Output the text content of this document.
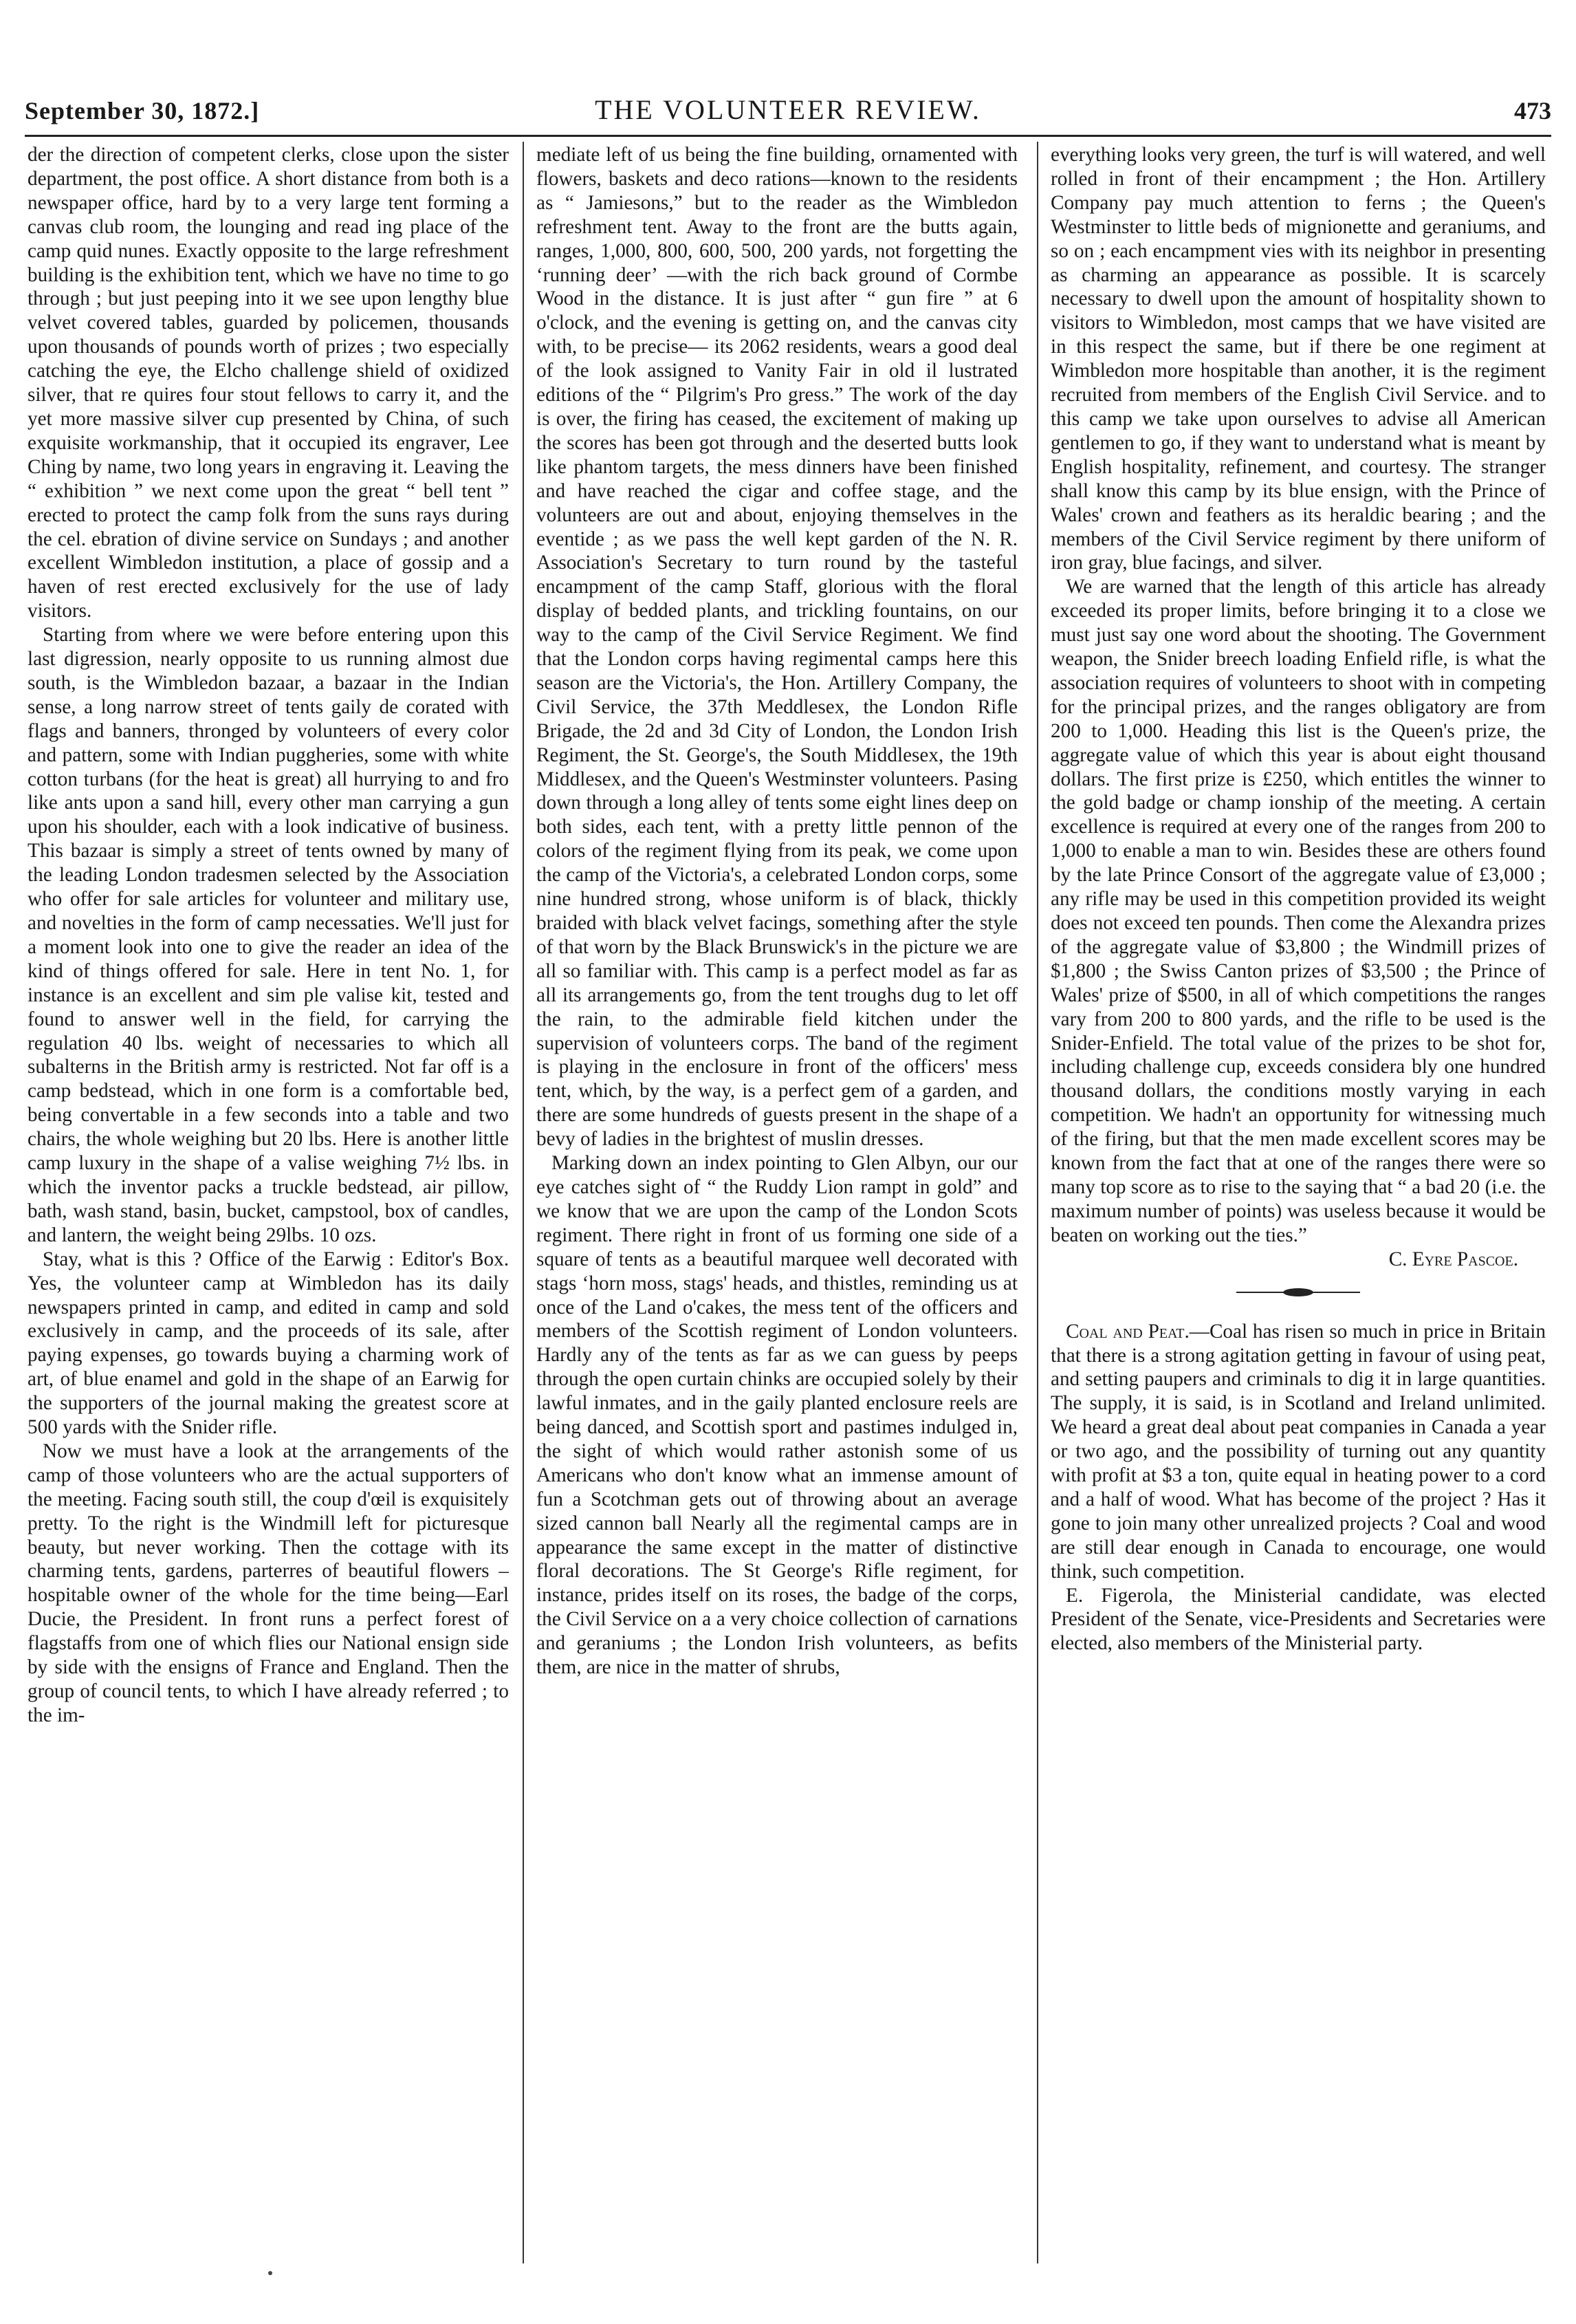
September 30, 1872.]	THE VOLUNTEER REVIEW.	473

der the direction of competent clerks, close upon the sister department, the post office. A short distance from both is a newspaper office, hard by to a very large tent forming a canvas club room, the lounging and read ing place of the camp quid nunes. Exactly opposite to the large refreshment building is the exhibition tent, which we have no time to go through ; but just peeping into it we see upon lengthy blue velvet covered tables, guarded by policemen, thousands upon thousands of pounds worth of prizes ; two especially catching the eye, the Elcho challenge shield of oxidized silver, that re quires four stout fellows to carry it, and the yet more massive silver cup presented by China, of such exquisite workmanship, that it occupied its engraver, Lee Ching by name, two long years in engraving it. Leaving the “ exhibition ” we next come upon the great “ bell tent ” erected to protect the camp folk from the suns rays during the cel. ebration of divine service on Sundays ; and another excellent Wimbledon institution, a place of gossip and a haven of rest erected exclusively for the use of lady visitors.

Starting from where we were before entering upon this last digression, nearly opposite to us running almost due south, is the Wimbledon bazaar, a bazaar in the Indian sense, a long narrow street of tents gaily de corated with flags and banners, thronged by volunteers of every color and pattern, some with Indian puggheries, some with white cotton turbans (for the heat is great) all hurrying to and fro like ants upon a sand hill, every other man carrying a gun upon his shoulder, each with a look indicative of business. This bazaar is simply a street of tents owned by many of the leading London tradesmen selected by the Association who offer for sale articles for volunteer and military use, and novelties in the form of camp necessaties. We'll just for a moment look into one to give the reader an idea of the kind of things offered for sale. Here in tent No. 1, for instance is an excellent and sim ple valise kit, tested and found to answer well in the field, for carrying the regulation 40 lbs. weight of necessaries to which all subalterns in the British army is restricted. Not far off is a camp bedstead, which in one form is a comfortable bed, being convertable in a few seconds into a table and two chairs, the whole weighing but 20 lbs. Here is another little camp luxury in the shape of a valise weighing 7½ lbs. in which the inventor packs a truckle bedstead, air pillow, bath, wash stand, basin, bucket, campstool, box of candles, and lantern, the weight being 29lbs. 10 ozs.

Stay, what is this ? Office of the Earwig : Editor's Box. Yes, the volunteer camp at Wimbledon has its daily newspapers printed in camp, and edited in camp and sold exclusively in camp, and the proceeds of its sale, after paying expenses, go towards buying a charming work of art, of blue enamel and gold in the shape of an Earwig for the supporters of the journal making the greatest score at 500 yards with the Snider rifle.

Now we must have a look at the arrangements of the camp of those volunteers who are the actual supporters of the meeting. Facing south still, the coup d'œil is exquisitely pretty. To the right is the Windmill left for picturesque beauty, but never working. Then the cottage with its charming tents, gardens, parterres of beautiful flowers – hospitable owner of the whole for the time being—Earl Ducie, the President. In front runs a perfect forest of flagstaffs from one of which flies our National ensign side by side with the ensigns of France and England. Then the group of council tents, to which I have already referred ; to the im-

mediate left of us being the fine building, ornamented with flowers, baskets and deco rations—known to the residents as “ Jamiesons,” but to the reader as the Wimbledon refreshment tent. Away to the front are the butts again, ranges, 1,000, 800, 600, 500, 200 yards, not forgetting the ‘running deer’ —with the rich back ground of Cormbe Wood in the distance. It is just after “ gun fire ” at 6 o'clock, and the evening is getting on, and the canvas city with, to be precise— its 2062 residents, wears a good deal of the look assigned to Vanity Fair in old il lustrated editions of the “ Pilgrim's Pro gress.” The work of the day is over, the firing has ceased, the excitement of making up the scores has been got through and the deserted butts look like phantom targets, the mess dinners have been finished and have reached the cigar and coffee stage, and the volunteers are out and about, enjoying themselves in the eventide ; as we pass the well kept garden of the N. R. Association's Secretary to turn round by the tasteful encampment of the camp Staff, glorious with the floral display of bedded plants, and trickling fountains, on our way to the camp of the Civil Service Regiment. We find that the London corps having regimental camps here this season are the Victoria's, the Hon. Artillery Company, the Civil Service, the 37th Meddlesex, the London Rifle Brigade, the 2d and 3d City of London, the London Irish Regiment, the St. George's, the South Middlesex, the 19th Middlesex, and the Queen's Westminster volunteers. Pasing down through a long alley of tents some eight lines deep on both sides, each tent, with a pretty little pennon of the colors of the regiment flying from its peak, we come upon the camp of the Victoria's, a celebrated London corps, some nine hundred strong, whose uniform is of black, thickly braided with black velvet facings, something after the style of that worn by the Black Brunswick's in the picture we are all so familiar with. This camp is a perfect model as far as all its arrangements go, from the tent troughs dug to let off the rain, to the admirable field kitchen under the supervision of volunteers corps. The band of the regiment is playing in the enclosure in front of the officers' mess tent, which, by the way, is a perfect gem of a garden, and there are some hundreds of guests present in the shape of a bevy of ladies in the brightest of muslin dresses.

Marking down an index pointing to Glen Albyn, our our eye catches sight of “ the Ruddy Lion rampt in gold” and we know that we are upon the camp of the London Scots regiment. There right in front of us forming one side of a square of tents as a beautiful marquee well decorated with stags ‘horn moss, stags' heads, and thistles, reminding us at once of the Land o'cakes, the mess tent of the officers and members of the Scottish regiment of London volunteers. Hardly any of the tents as far as we can guess by peeps through the open curtain chinks are occupied solely by their lawful inmates, and in the gaily planted enclosure reels are being danced, and Scottish sport and pastimes indulged in, the sight of which would rather astonish some of us Americans who don't know what an immense amount of fun a Scotchman gets out of throwing about an average sized cannon ball Nearly all the regimental camps are in appearance the same except in the matter of distinctive floral decorations. The St George's Rifle regiment, for instance, prides itself on its roses, the badge of the corps, the Civil Service on a a very choice collection of carnations and geraniums ; the London Irish volunteers, as befits them, are nice in the matter of shrubs,

everything looks very green, the turf is will watered, and well rolled in front of their encampment ; the Hon. Artillery Company pay much attention to ferns ; the Queen's Westminster to little beds of mignionette and geraniums, and so on ; each encampment vies with its neighbor in presenting as charming an appearance as possible. It is scarcely necessary to dwell upon the amount of hospitality shown to visitors to Wimbledon, most camps that we have visited are in this respect the same, but if there be one regiment at Wimbledon more hospitable than another, it is the regiment recruited from members of the English Civil Service. and to this camp we take upon ourselves to advise all American gentlemen to go, if they want to understand what is meant by English hospitality, refinement, and courtesy. The stranger shall know this camp by its blue ensign, with the Prince of Wales' crown and feathers as its heraldic bearing ; and the members of the Civil Service regiment by there uniform of iron gray, blue facings, and silver.

We are warned that the length of this article has already exceeded its proper limits, before bringing it to a close we must just say one word about the shooting. The Government weapon, the Snider breech loading Enfield rifle, is what the association requires of volunteers to shoot with in competing for the principal prizes, and the ranges obligatory are from 200 to 1,000. Heading this list is the Queen's prize, the aggregate value of which this year is about eight thousand dollars. The first prize is £250, which entitles the winner to the gold badge or champ ionship of the meeting. A certain excellence is required at every one of the ranges from 200 to 1,000 to enable a man to win. Besides these are others found by the late Prince Consort of the aggregate value of £3,000 ; any rifle may be used in this competition provided its weight does not exceed ten pounds. Then come the Alexandra prizes of the aggregate value of $3,800 ; the Windmill prizes of $1,800 ; the Swiss Canton prizes of $3,500 ; the Prince of Wales' prize of $500, in all of which competitions the ranges vary from 200 to 800 yards, and the rifle to be used is the Snider-Enfield. The total value of the prizes to be shot for, including challenge cup, exceeds considera bly one hundred thousand dollars, the conditions mostly varying in each competition. We hadn't an opportunity for witnessing much of the firing, but that the men made excellent scores may be known from the fact that at one of the ranges there were so many top score as to rise to the saying that “ a bad 20 (i.e. the maximum number of points) was useless because it would be beaten on working out the ties.”

C. Eyre Pascoe.

Coal and Peat.—Coal has risen so much in price in Britain that there is a strong agitation getting in favour of using peat, and setting paupers and criminals to dig it in large quantities. The supply, it is said, is in Scotland and Ireland unlimited. We heard a great deal about peat companies in Canada a year or two ago, and the possibility of turning out any quantity with profit at $3 a ton, quite equal in heating power to a cord and a half of wood. What has become of the project ? Has it gone to join many other unrealized projects ? Coal and wood are still dear enough in Canada to encourage, one would think, such competition.

E. Figerola, the Ministerial candidate, was elected President of the Senate, vice-Presidents and Secretaries were elected, also members of the Ministerial party.
